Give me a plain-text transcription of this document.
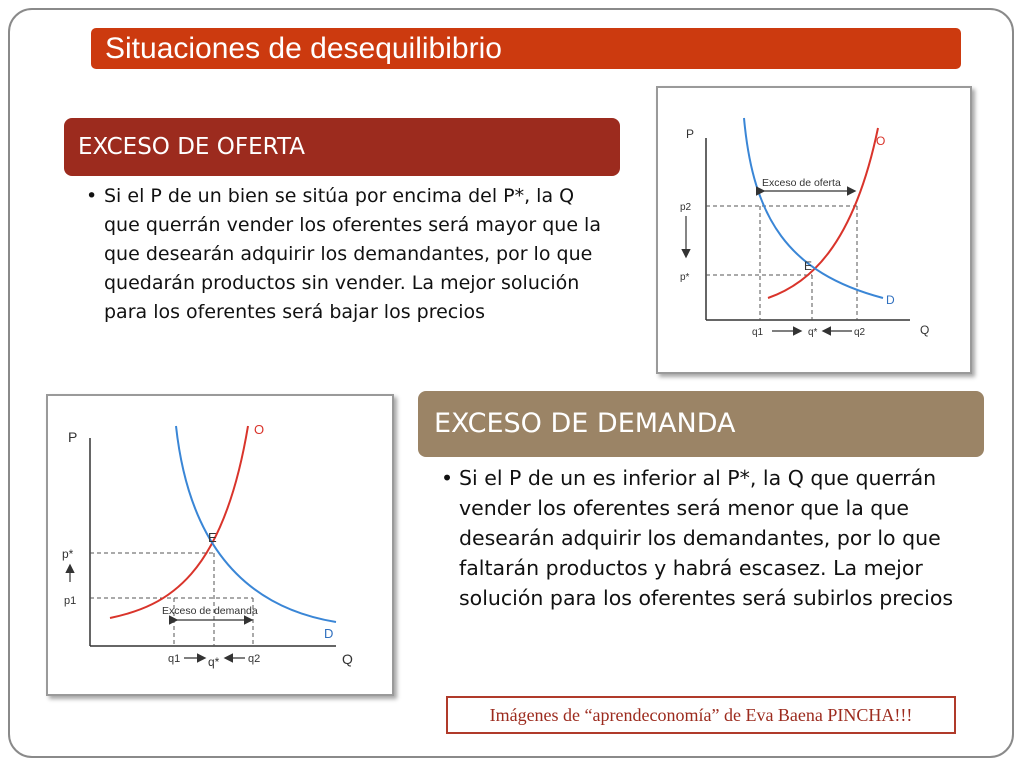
Situaciones de desequilibibrio
EXCESO DE OFERTA
• Si el P de un bien se sitúa por encima del P*, la Q que querrán vender los oferentes será mayor que la que desearán adquirir los demandantes, por lo que quedarán productos sin vender. La mejor solución para los oferentes será bajar los precios
P
Q
O
D
E
p2
p*
q1	q*	q2
Exceso de oferta
P
Q
O
D
E
p*
p1
q1 q*	q2
Exceso de demanda
EXCESO DE DEMANDA
• Si el P de un es inferior al P*, la Q que querrán vender los oferentes será menor que la que desearán adquirir los demandantes, por lo que faltarán productos y habrá escasez. La mejor solución para los oferentes será subirlos precios
Imágenes de “aprendeconomía” de Eva Baena PINCHA!!!
